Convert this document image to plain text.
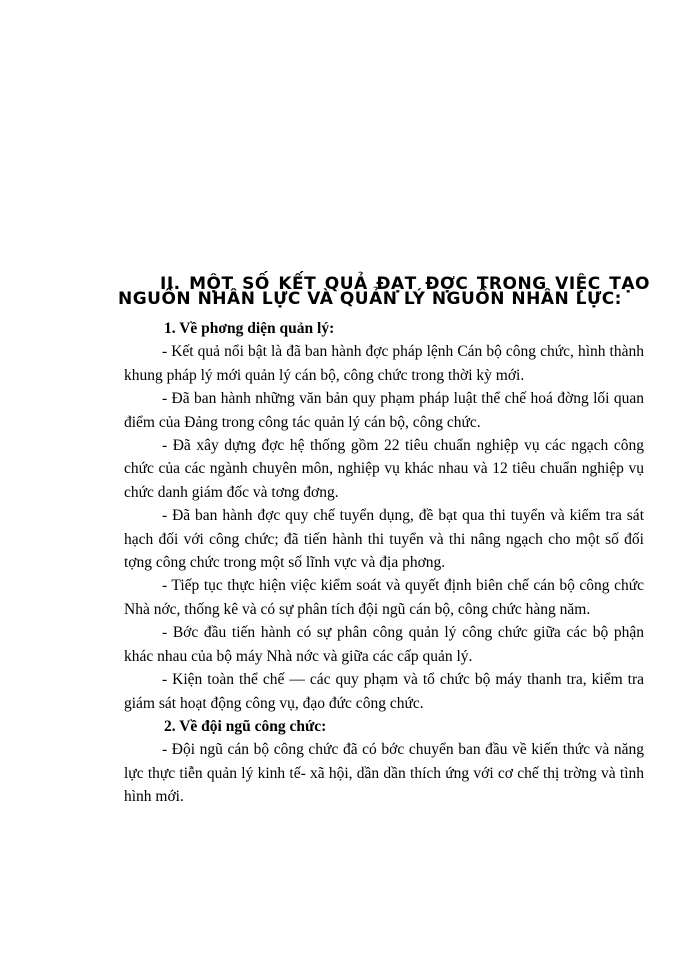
II. MỘT SỐ KẾT QUẢ ĐẠT ĐỢC TRONG VIỆC TẠO
NGUỒN NHÂN LỰC VÀ QUẢN LÝ NGUỒN NHÂN LỰC:
1. Về phơng diện quản lý:

- Kết quả nổi bật là đã ban hành đợc pháp lệnh Cán bộ công chức, hình thành khung pháp lý mới quản lý cán bộ, công chức trong thời kỳ mới.

- Đã ban hành những văn bản quy phạm pháp luật thể chế hoá đờng lối quan điểm của Đảng trong công tác quản lý cán bộ, công chức.

- Đã xây dựng đợc hệ thống gồm 22 tiêu chuẩn nghiệp vụ các ngạch công chức của các ngành chuyên môn, nghiệp vụ khác nhau và 12 tiêu chuẩn nghiệp vụ chức danh giám đốc và tơng đơng.

- Đã ban hành đợc quy chế tuyển dụng, đề bạt qua thi tuyển và kiểm tra sát hạch đối với công chức; đã tiến hành thi tuyển và thi nâng ngạch cho một số đối tợng công chức trong một số lĩnh vực và địa phơng.

- Tiếp tục thực hiện việc kiểm soát và quyết định biên chế cán bộ công chức Nhà nớc, thống kê và có sự phân tích đội ngũ cán bộ, công chức hàng năm.

- Bớc đầu tiến hành có sự phân công quản lý công chức giữa các bộ phận khác nhau của bộ máy Nhà nớc và giữa các cấp quản lý.

- Kiện toàn thể chế — các quy phạm và tổ chức bộ máy thanh tra, kiểm tra giám sát hoạt động công vụ, đạo đức công chức.

2. Về đội ngũ công chức:

- Đội ngũ cán bộ công chức đã có bớc chuyển ban đầu về kiến thức và năng lực thực tiễn quản lý kinh tế- xã hội, dần dần thích ứng với cơ chế thị trờng và tình hình mới.
